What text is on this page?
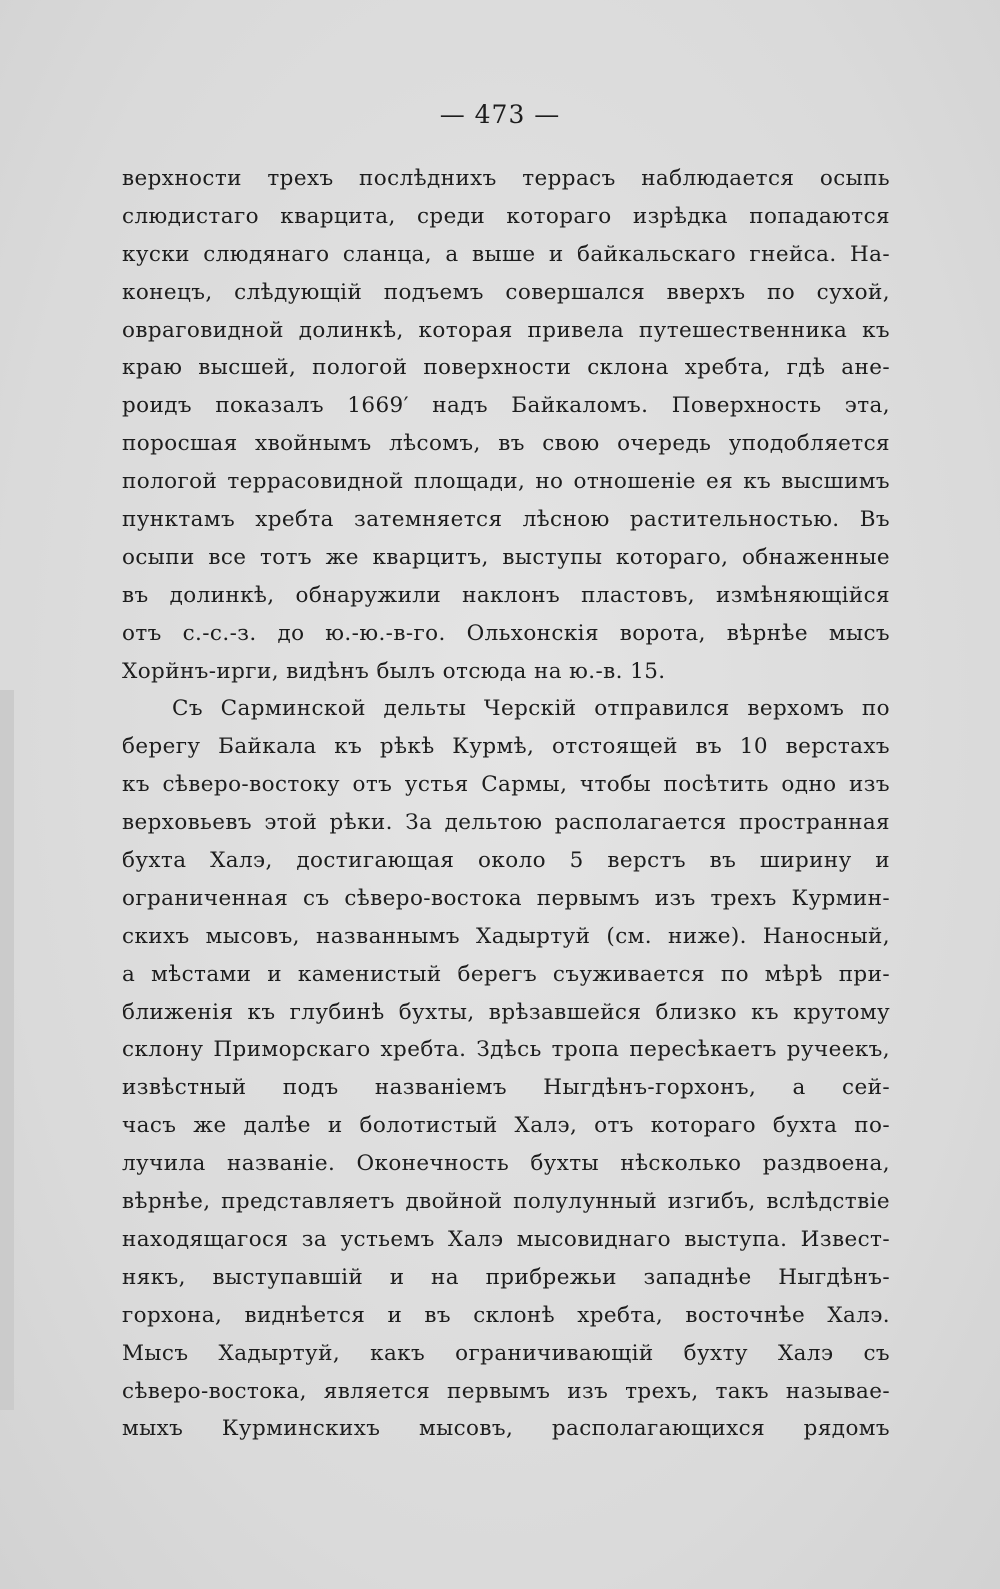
— 473 —
верхности трехъ послѣднихъ террасъ наблюдается осыпь
слюдистаго кварцита, среди котораго изрѣдка попадаются
куски слюдянаго сланца, а выше и байкальскаго гнейса. На-
конецъ, слѣдующій подъемъ совершался вверхъ по сухой,
овраговидной долинкѣ, которая привела путешественника къ
краю высшей, пологой поверхности склона хребта, гдѣ ане-
роидъ показалъ 1669′ надъ Байкаломъ. Поверхность эта,
поросшая хвойнымъ лѣсомъ, въ свою очередь уподобляется
пологой террасовидной площади, но отношеніе ея къ высшимъ
пунктамъ хребта затемняется лѣсною растительностью. Въ
осыпи все тотъ же кварцитъ, выступы котораго, обнаженные
въ долинкѣ, обнаружили наклонъ пластовъ, измѣняющійся
отъ с.-с.-з. до ю.-ю.-в-го. Ольхонскія ворота, вѣрнѣе мысъ
Хорйнъ-ирги, видѣнъ былъ отсюда на ю.-в. 15.
Съ Сарминской дельты Черскій отправился верхомъ по
берегу Байкала къ рѣкѣ Курмѣ, отстоящей въ 10 верстахъ
къ сѣверо-востоку отъ устья Сармы, чтобы посѣтить одно изъ
верховьевъ этой рѣки. За дельтою располагается пространная
бухта Халэ, достигающая около 5 верстъ въ ширину и
ограниченная съ сѣверо-востока первымъ изъ трехъ Курмин-
скихъ мысовъ, названнымъ Хадыртуй (см. ниже). Наносный,
а мѣстами и каменистый берегъ съуживается по мѣрѣ при-
ближенія къ глубинѣ бухты, врѣзавшейся близко къ крутому
склону Приморскаго хребта. Здѣсь тропа пересѣкаетъ ручеекъ,
извѣстный подъ названіемъ Ныгдѣнъ-горхонъ, а сей-
часъ же далѣе и болотистый Халэ, отъ котораго бухта по-
лучила названіе. Оконечность бухты нѣсколько раздвоена,
вѣрнѣе, представляетъ двойной полулунный изгибъ, вслѣдствіе
находящагося за устьемъ Халэ мысовиднаго выступа. Извест-
някъ, выступавшій и на прибрежьи западнѣе Ныгдѣнъ-
горхона, виднѣется и въ склонѣ хребта, восточнѣе Халэ.
Мысъ Хадыртуй, какъ ограничивающій бухту Халэ съ
сѣверо-востока, является первымъ изъ трехъ, такъ называе-
мыхъ Курминскихъ мысовъ, располагающихся рядомъ
